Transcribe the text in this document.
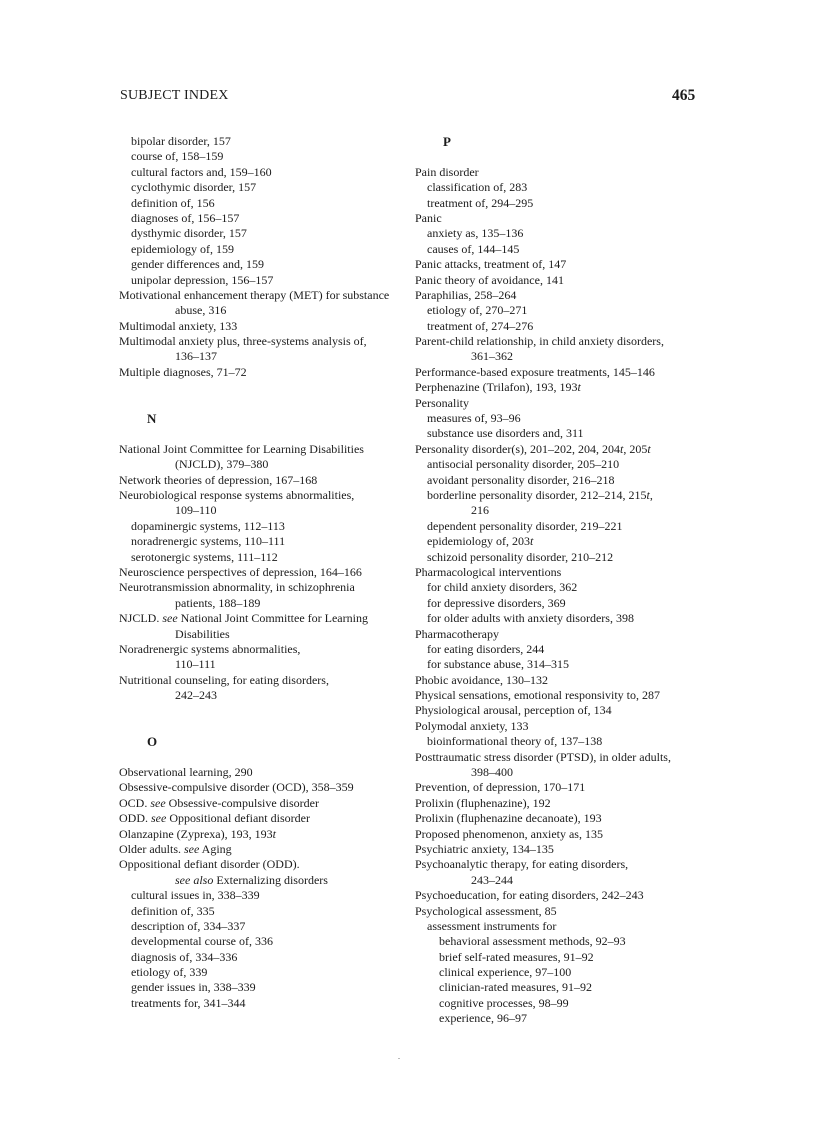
SUBJECT INDEX	465
bipolar disorder, 157
course of, 158–159
cultural factors and, 159–160
cyclothymic disorder, 157
definition of, 156
diagnoses of, 156–157
dysthymic disorder, 157
epidemiology of, 159
gender differences and, 159
unipolar depression, 156–157
Motivational enhancement therapy (MET) for substance
abuse, 316
Multimodal anxiety, 133
Multimodal anxiety plus, three-systems analysis of,
136–137
Multiple diagnoses, 71–72
N
National Joint Committee for Learning Disabilities
(NJCLD), 379–380
Network theories of depression, 167–168
Neurobiological response systems abnormalities,
109–110
dopaminergic systems, 112–113
noradrenergic systems, 110–111
serotonergic systems, 111–112
Neuroscience perspectives of depression, 164–166
Neurotransmission abnormality, in schizophrenia
patients, 188–189
NJCLD. see National Joint Committee for Learning
Disabilities
Noradrenergic systems abnormalities,
110–111
Nutritional counseling, for eating disorders,
242–243
O
Observational learning, 290
Obsessive-compulsive disorder (OCD), 358–359
OCD. see Obsessive-compulsive disorder
ODD. see Oppositional defiant disorder
Olanzapine (Zyprexa), 193, 193t
Older adults. see Aging
Oppositional defiant disorder (ODD).
see also Externalizing disorders
cultural issues in, 338–339
definition of, 335
description of, 334–337
developmental course of, 336
diagnosis of, 334–336
etiology of, 339
gender issues in, 338–339
treatments for, 341–344
P
Pain disorder
classification of, 283
treatment of, 294–295
Panic
anxiety as, 135–136
causes of, 144–145
Panic attacks, treatment of, 147
Panic theory of avoidance, 141
Paraphilias, 258–264
etiology of, 270–271
treatment of, 274–276
Parent-child relationship, in child anxiety disorders,
361–362
Performance-based exposure treatments, 145–146
Perphenazine (Trilafon), 193, 193t
Personality
measures of, 93–96
substance use disorders and, 311
Personality disorder(s), 201–202, 204, 204t, 205t
antisocial personality disorder, 205–210
avoidant personality disorder, 216–218
borderline personality disorder, 212–214, 215t,
216
dependent personality disorder, 219–221
epidemiology of, 203t
schizoid personality disorder, 210–212
Pharmacological interventions
for child anxiety disorders, 362
for depressive disorders, 369
for older adults with anxiety disorders, 398
Pharmacotherapy
for eating disorders, 244
for substance abuse, 314–315
Phobic avoidance, 130–132
Physical sensations, emotional responsivity to, 287
Physiological arousal, perception of, 134
Polymodal anxiety, 133
bioinformational theory of, 137–138
Posttraumatic stress disorder (PTSD), in older adults,
398–400
Prevention, of depression, 170–171
Prolixin (fluphenazine), 192
Prolixin (fluphenazine decanoate), 193
Proposed phenomenon, anxiety as, 135
Psychiatric anxiety, 134–135
Psychoanalytic therapy, for eating disorders,
243–244
Psychoeducation, for eating disorders, 242–243
Psychological assessment, 85
assessment instruments for
behavioral assessment methods, 92–93
brief self-rated measures, 91–92
clinical experience, 97–100
clinician-rated measures, 91–92
cognitive processes, 98–99
experience, 96–97
